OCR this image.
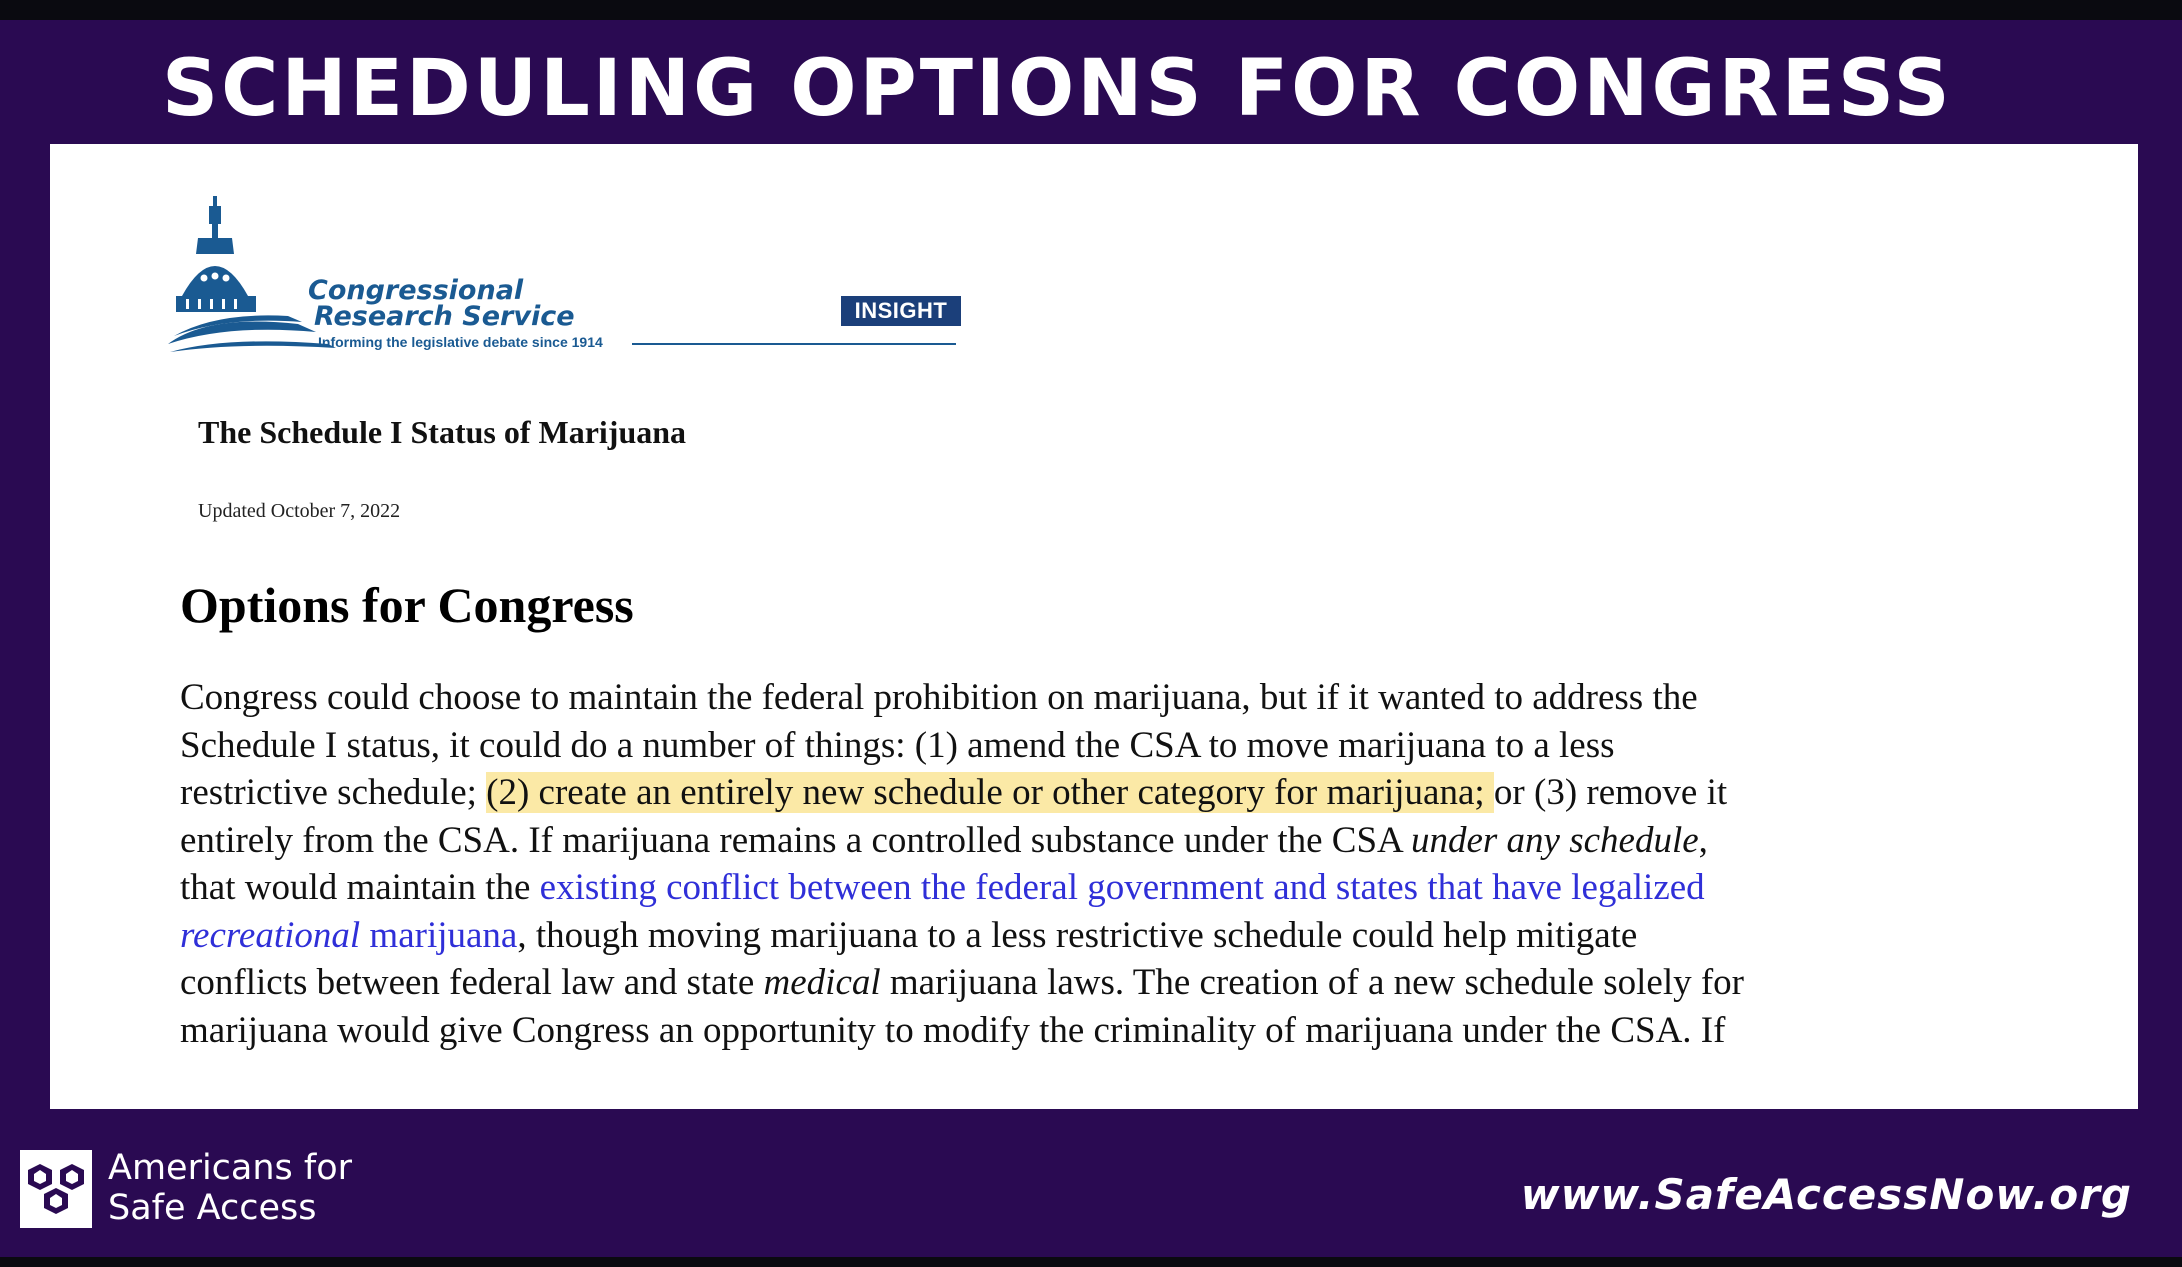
SCHEDULING OPTIONS FOR CONGRESS
Congressional
Research Service
Informing the legislative debate since 1914
INSIGHT
The Schedule I Status of Marijuana
Updated October 7, 2022
Options for Congress
Congress could choose to maintain the federal prohibition on marijuana, but if it wanted to address the
Schedule I status, it could do a number of things: (1) amend the CSA to move marijuana to a less
restrictive schedule; (2) create an entirely new schedule or other category for marijuana; or (3) remove it
entirely from the CSA. If marijuana remains a controlled substance under the CSA under any schedule,
that would maintain the existing conflict between the federal government and states that have legalized
recreational marijuana, though moving marijuana to a less restrictive schedule could help mitigate
conflicts between federal law and state medical marijuana laws. The creation of a new schedule solely for
marijuana would give Congress an opportunity to modify the criminality of marijuana under the CSA. If
Americans for
Safe Access	www.SafeAccessNow.org
